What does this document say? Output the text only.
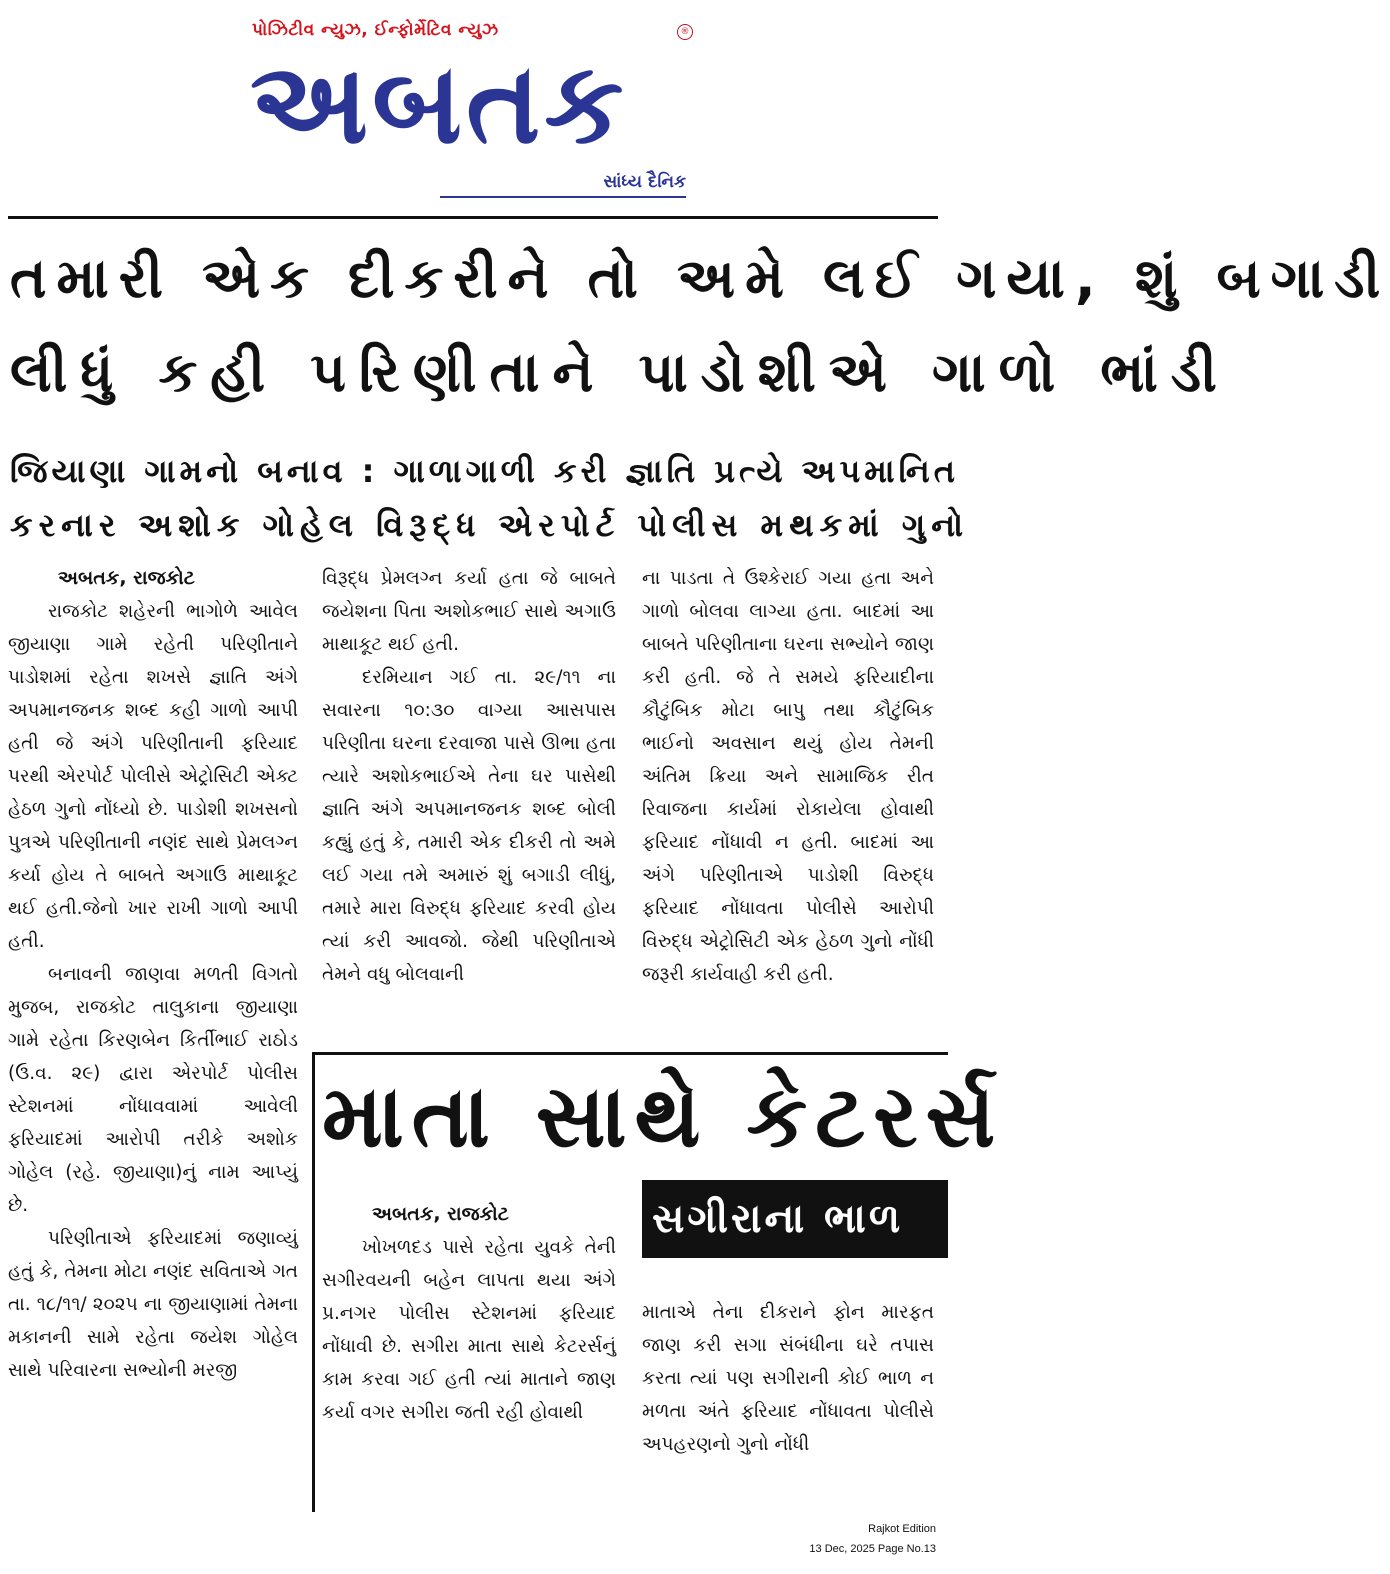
પોઝિટીવ ન્યુઝ, ઈન્ફોર્મેટિવ ન્યુઝ	®
અબતક
સાંધ્ય દૈનિક
તમારી એક દીકરીને તો અમે લઈ ગયા, શું બગાડી
લીધું કહી પરિણીતાને પાડોશીએ ગાળો ભાંડી
જિયાણા ગામનો બનાવ : ગાળાગાળી કરી જ્ઞાતિ પ્રત્યે અપમાનિત
કરનાર અશોક ગોહેલ વિરૂદ્ધ એરપોર્ટ પોલીસ મથકમાં ગુનો

અબતક, રાજકોટ

રાજકોટ શહેરની ભાગોળે આવેલ જીયાણા ગામે રહેતી પરિણીતાને પાડોશમાં રહેતા શખસે જ્ઞાતિ અંગે અપમાનજનક શબ્દ કહી ગાળો આપી હતી જે અંગે પરિણીતાની ફરિયાદ પરથી એરપોર્ટ પોલીસે એટ્રોસિટી એક્ટ હેઠળ ગુનો નોંધ્યો છે. પાડોશી શખસનો પુત્રએ પરિણીતાની નણંદ સાથે પ્રેમલગ્ન કર્યા હોય તે બાબતે અગાઉ માથાકૂટ થઈ હતી.જેનો ખાર રાખી ગાળો આપી હતી.

બનાવની જાણવા મળતી વિગતો મુજબ, રાજકોટ તાલુકાના જીયાણા ગામે રહેતા કિરણબેન કિર્તીભાઈ રાઠોડ (ઉ.વ. ૨૯) દ્વારા એરપોર્ટ પોલીસ સ્ટેશનમાં નોંધાવવામાં આવેલી ફરિયાદમાં આરોપી તરીકે અશોક ગોહેલ (રહે. જીયાણા)નું નામ આપ્યું છે.

પરિણીતાએ ફરિયાદમાં જણાવ્યું હતું કે, તેમના મોટા નણંદ સવિતાએ ગત તા. ૧૮/૧૧/ ૨૦૨૫ ના જીયાણામાં તેમના મકાનની સામે રહેતા જયેશ ગોહેલ સાથે પરિવારના સભ્યોની મરજી

વિરૂદ્ધ પ્રેમલગ્ન કર્યા હતા જે બાબતે જયેશના પિતા અશોકભાઈ સાથે અગાઉ માથાકૂટ થઈ હતી.

દરમિયાન ગઈ તા. ૨૯/૧૧ ના સવારના ૧૦:૩૦ વાગ્યા આસપાસ પરિણીતા ઘરના દરવાજા પાસે ઊભા હતા ત્યારે અશોકભાઈએ તેના ઘર પાસેથી જ્ઞાતિ અંગે અપમાનજનક શબ્દ બોલી કહ્યું હતું કે, તમારી એક દીકરી તો અમે લઈ ગયા તમે અમારું શું બગાડી લીધું, તમારે મારા વિરુદ્ધ ફરિયાદ કરવી હોય ત્યાં કરી આવજો. જેથી પરિણીતાએ તેમને વધુ બોલવાની

ના પાડતા તે ઉશ્કેરાઈ ગયા હતા અને ગાળો બોલવા લાગ્યા હતા. બાદમાં આ બાબતે પરિણીતાના ઘરના સભ્યોને જાણ કરી હતી. જે તે સમયે ફરિયાદીના કૌટુંબિક મોટા બાપુ તથા કૌટુંબિક ભાઈનો અવસાન થયું હોય તેમની અંતિમ ક્રિયા અને સામાજિક રીત રિવાજના કાર્યમાં રોકાયેલા હોવાથી ફરિયાદ નોંધાવી ન હતી. બાદમાં આ અંગે પરિણીતાએ પાડોશી વિરુદ્ધ ફરિયાદ નોંધાવતા પોલીસે આરોપી વિરુદ્ધ એટ્રોસિટી એક હેઠળ ગુનો નોંધી જરૂરી કાર્યવાહી કરી હતી.

માતા સાથે કેટરર્સ

અબતક, રાજકોટ

ખોખળદડ પાસે રહેતા યુવકે તેની સગીરવયની બહેન લાપતા થયા અંગે પ્ર.નગર પોલીસ સ્ટેશનમાં ફરિયાદ નોંધાવી છે. સગીરા માતા સાથે કેટરર્સનું કામ કરવા ગઈ હતી ત્યાં માતાને જાણ કર્યા વગર સગીરા જતી રહી હોવાથી

સગીરાના ભાળ

માતાએ તેના દીકરાને ફોન મારફત જાણ કરી સગા સંબંધીના ઘરે તપાસ કરતા ત્યાં પણ સગીરાની કોઈ ભાળ ન મળતા અંતે ફરિયાદ નોંધાવતા પોલીસે અપહરણનો ગુનો નોંધી

Rajkot Edition
13 Dec, 2025 Page No.13
